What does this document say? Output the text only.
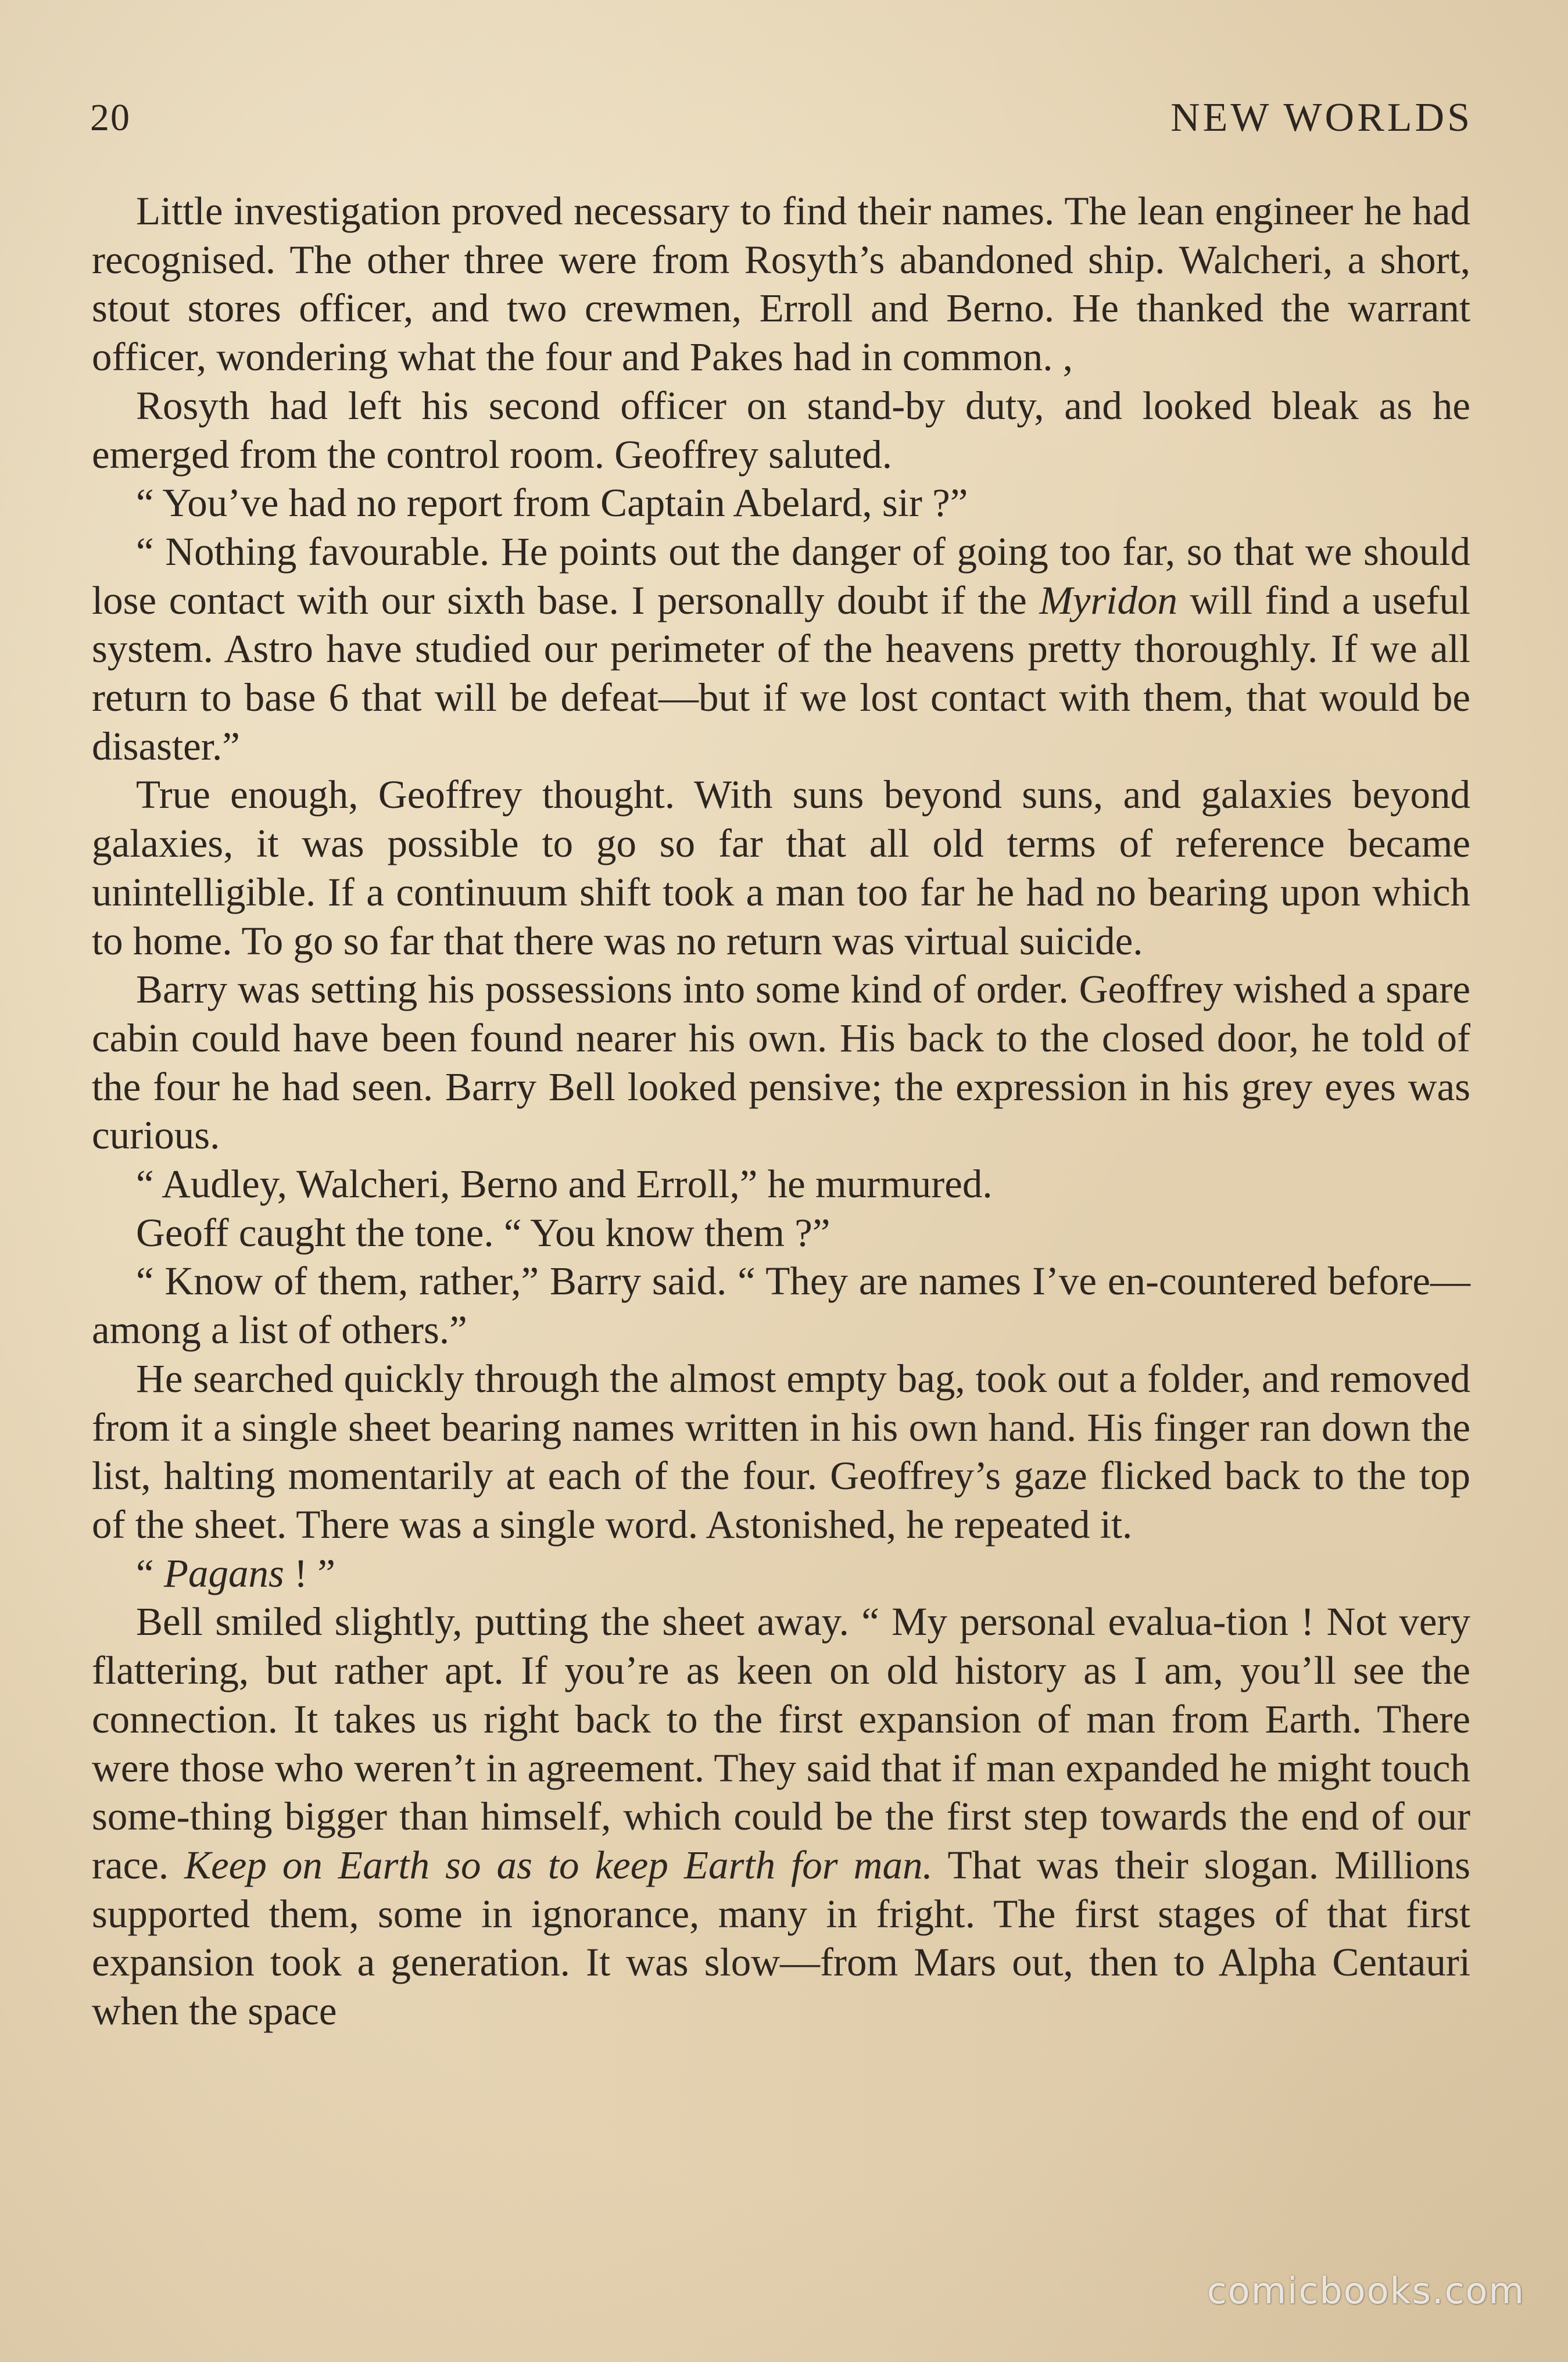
20	NEW WORLDS

Little investigation proved necessary to find their names. The lean engineer he had recognised. The other three were from Rosyth’s abandoned ship. Walcheri, a short, stout stores officer, and two crewmen, Erroll and Berno. He thanked the warrant officer, wondering what the four and Pakes had in common. ,

Rosyth had left his second officer on stand-by duty, and looked bleak as he emerged from the control room. Geoffrey saluted.

“ You’ve had no report from Captain Abelard, sir ?”

“ Nothing favourable. He points out the danger of going too far, so that we should lose contact with our sixth base. I personally doubt if the Myridon will find a useful system. Astro have studied our perimeter of the heavens pretty thoroughly. If we all return to base 6 that will be defeat—but if we lost contact with them, that would be disaster.”

True enough, Geoffrey thought. With suns beyond suns, and galaxies beyond galaxies, it was possible to go so far that all old terms of reference became unintelligible. If a continuum shift took a man too far he had no bearing upon which to home. To go so far that there was no return was virtual suicide.

Barry was setting his possessions into some kind of order. Geoffrey wished a spare cabin could have been found nearer his own. His back to the closed door, he told of the four he had seen. Barry Bell looked pensive; the expression in his grey eyes was curious.

“ Audley, Walcheri, Berno and Erroll,” he murmured.

Geoff caught the tone. “ You know them ?”

“ Know of them, rather,” Barry said. “ They are names I’ve en-countered before—among a list of others.”

He searched quickly through the almost empty bag, took out a folder, and removed from it a single sheet bearing names written in his own hand. His finger ran down the list, halting momentarily at each of the four. Geoffrey’s gaze flicked back to the top of the sheet. There was a single word. Astonished, he repeated it.

“ Pagans ! ”

Bell smiled slightly, putting the sheet away. “ My personal evalua-tion ! Not very flattering, but rather apt. If you’re as keen on old history as I am, you’ll see the connection. It takes us right back to the first expansion of man from Earth. There were those who weren’t in agreement. They said that if man expanded he might touch some-thing bigger than himself, which could be the first step towards the end of our race. Keep on Earth so as to keep Earth for man. That was their slogan. Millions supported them, some in ignorance, many in fright. The first stages of that first expansion took a generation. It was slow—from Mars out, then to Alpha Centauri when the space

comicbooks.com
